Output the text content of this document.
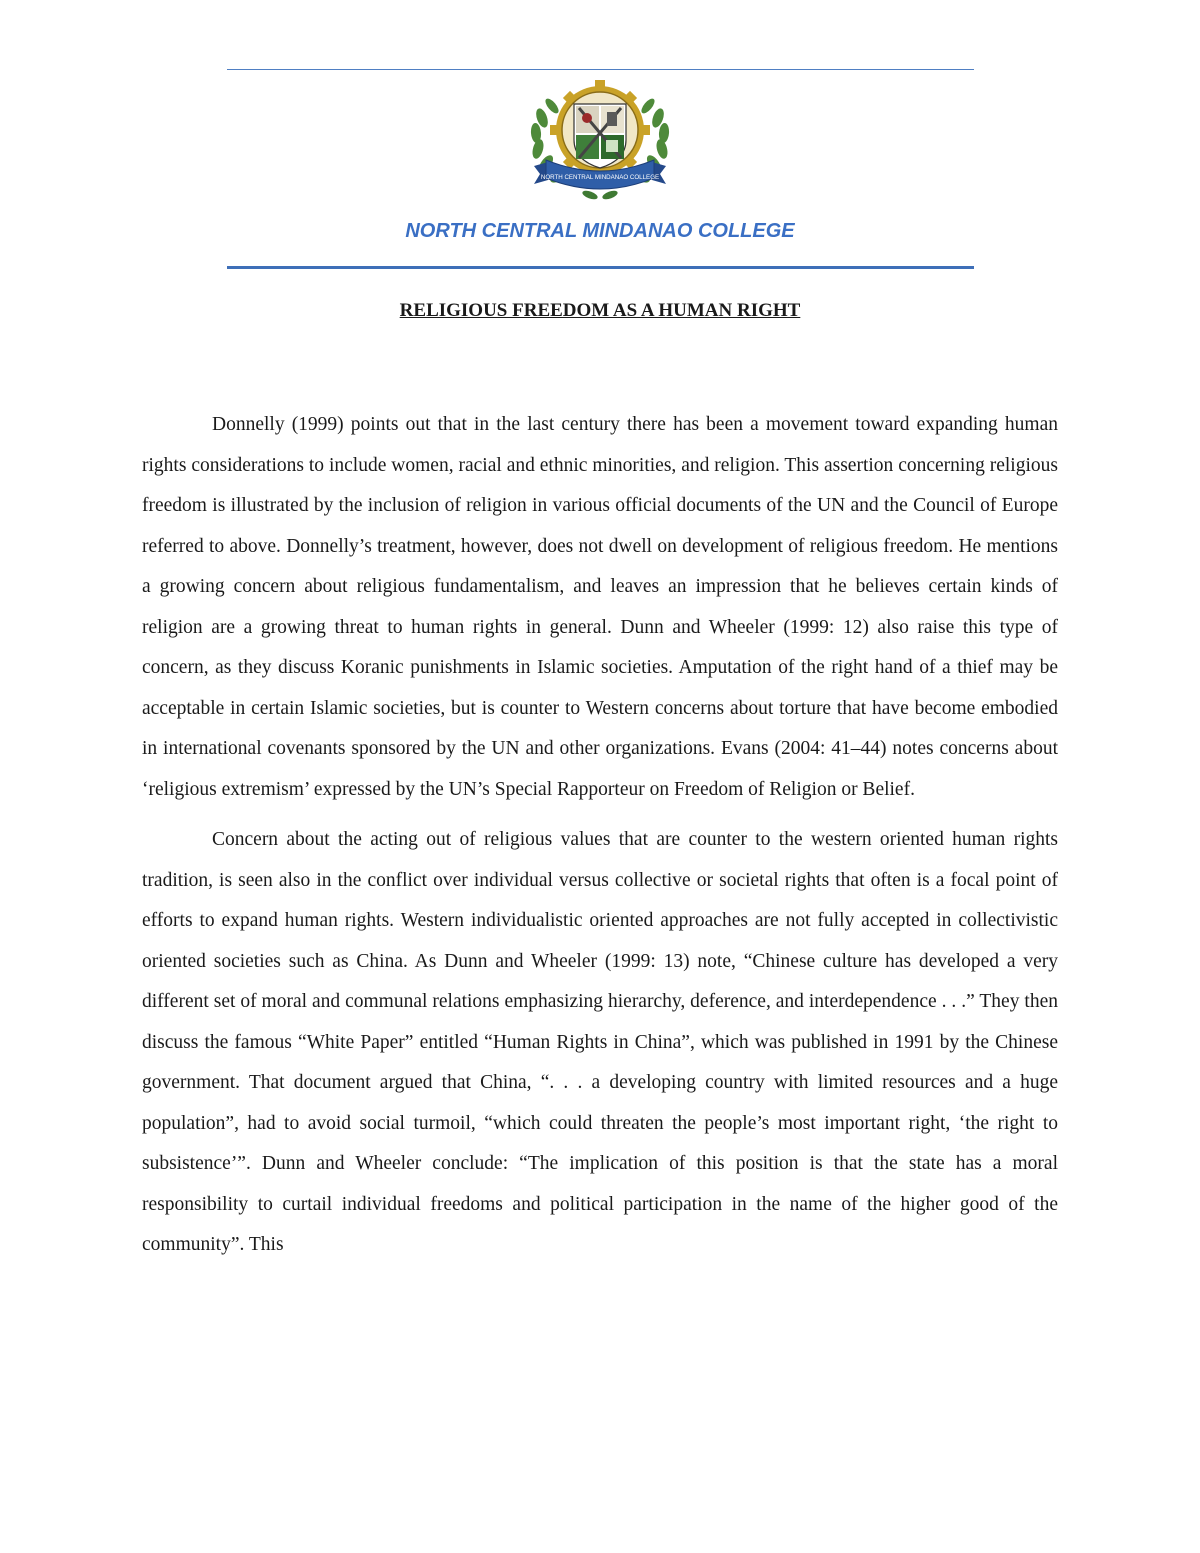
NORTH CENTRAL MINDANAO COLLEGE
NORTH CENTRAL MINDANAO COLLEGE
RELIGIOUS FREEDOM AS A HUMAN RIGHT

Donnelly (1999) points out that in the last century there has been a movement toward expanding human rights considerations to include women, racial and ethnic minorities, and religion. This assertion concerning religious freedom is illustrated by the inclusion of religion in various official documents of the UN and the Council of Europe referred to above. Donnelly’s treatment, however, does not dwell on development of religious freedom. He mentions a growing concern about religious fundamentalism, and leaves an impression that he believes certain kinds of religion are a growing threat to human rights in general. Dunn and Wheeler (1999: 12) also raise this type of concern, as they discuss Koranic punishments in Islamic societies. Amputation of the right hand of a thief may be acceptable in certain Islamic societies, but is counter to Western concerns about torture that have become embodied in international covenants sponsored by the UN and other organizations. Evans (2004: 41–44) notes concerns about ‘religious extremism’ expressed by the UN’s Special Rapporteur on Freedom of Religion or Belief.

Concern about the acting out of religious values that are counter to the western oriented human rights tradition, is seen also in the conflict over individual versus collective or societal rights that often is a focal point of efforts to expand human rights. Western individualistic oriented approaches are not fully accepted in collectivistic oriented societies such as China. As Dunn and Wheeler (1999: 13) note, “Chinese culture has developed a very different set of moral and communal relations emphasizing hierarchy, deference, and interdependence . . .” They then discuss the famous “White Paper” entitled “Human Rights in China”, which was published in 1991 by the Chinese government. That document argued that China, “. . . a developing country with limited resources and a huge population”, had to avoid social turmoil, “which could threaten the people’s most important right, ‘the right to subsistence’”. Dunn and Wheeler conclude: “The implication of this position is that the state has a moral responsibility to curtail individual freedoms and political participation in the name of the higher good of the community”. This
